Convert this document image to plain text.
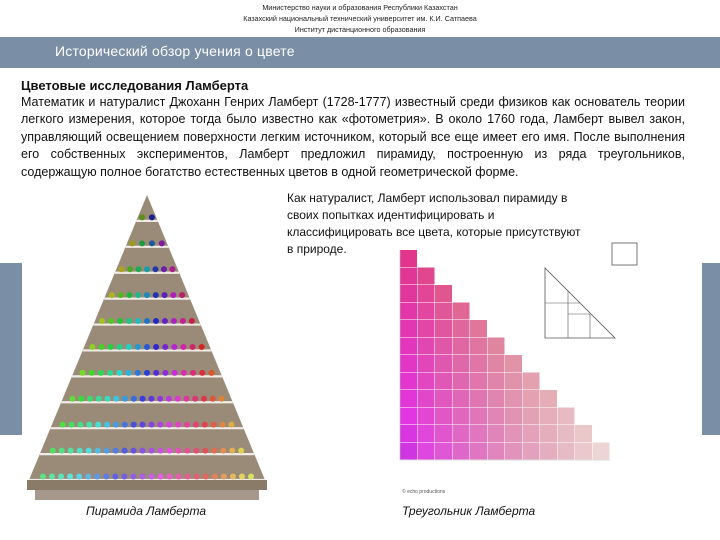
Министерство науки и образования Республики Казахстан
Казахский национальный технический университет им. К.И. Сатпаева
Институт дистанционного образования
Исторический обзор учения о цвете
Цветовые исследования Ламберта
Математик и натуралист Джоханн Генрих Ламберт (1728-1777) известный среди физиков как основатель теории легкого измерения, которое тогда было известно как «фотометрия». В около 1760 года, Ламберт вывел закон, управляющий освещением поверхности легким источником, который все еще имеет его имя. После выполнения его собственных экспериментов, Ламберт предложил пирамиду, построенную из ряда треугольников, содержащую полное богатство естественных цветов в одной геометрической форме.
Как натуралист, Ламберт использовал пирамиду в своих попытках идентифицировать и классифицировать все цвета, которые присутствуют в природе.
© echo productions
Пирамида Ламберта	Треугольник Ламберта
